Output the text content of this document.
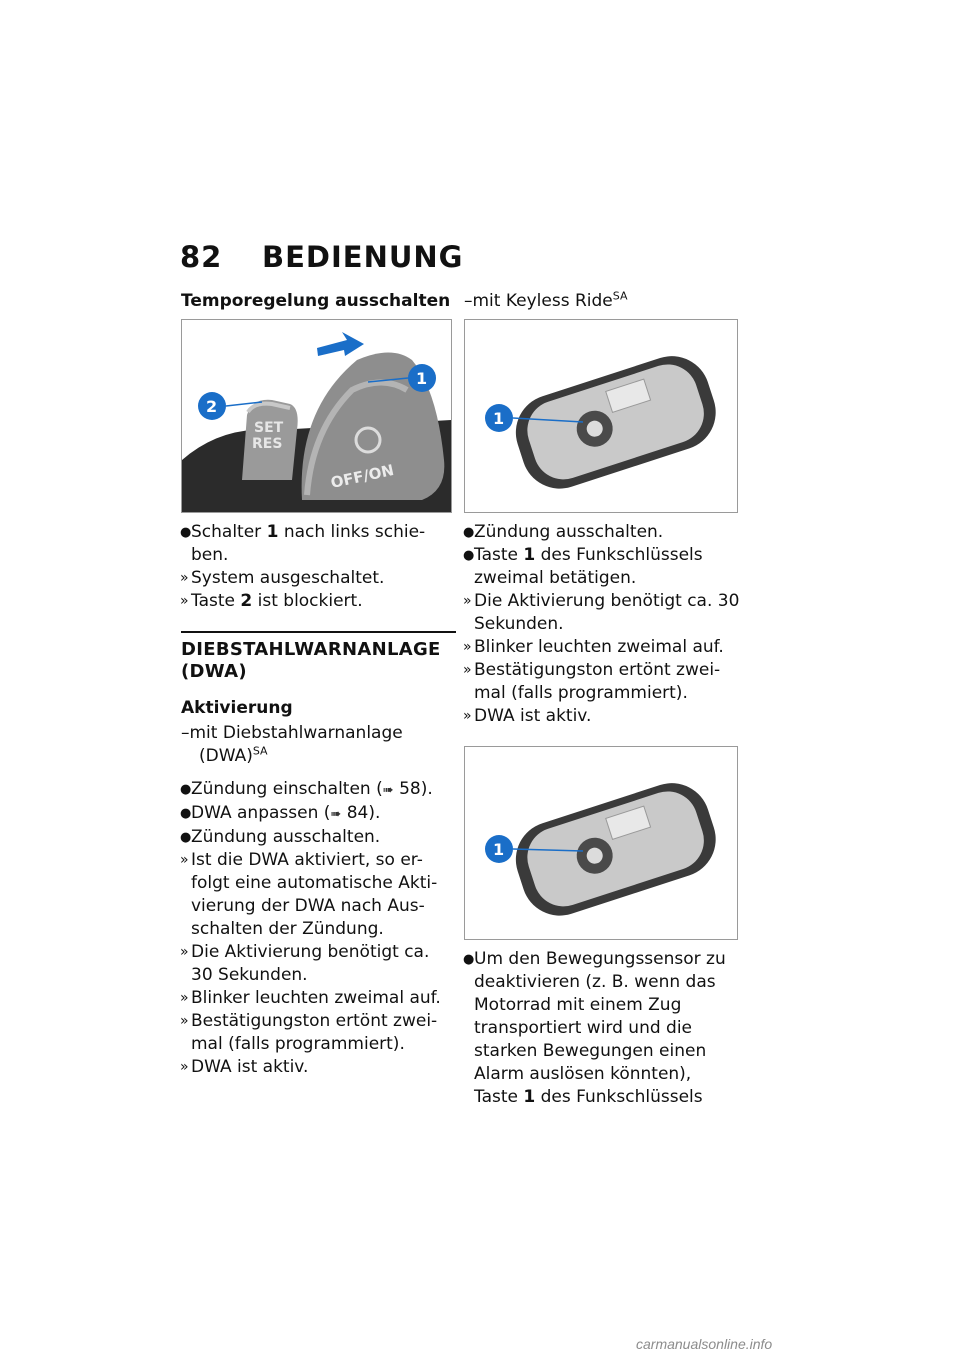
82 BEDIENUNG
Temporegelung ausschalten
SET
RES
OFF/ON
1
2
● Schalter 1 nach links schie- ben.
» System ausgeschaltet.
» Taste 2 ist blockiert.
DIEBSTAHLWARNANLAGE (DWA)
Aktivierung
–mit Diebstahlwarnanlage (DWA)$^{SA}$
● Zündung einschalten (➠ 58).
● DWA anpassen (➠ 84).
● Zündung ausschalten.
» Ist die DWA aktiviert, so er- folgt eine automatische Akti- vierung der DWA nach Aus- schalten der Zündung.
» Die Aktivierung benötigt ca. 30 Sekunden.
» Blinker leuchten zweimal auf.
» Bestätigungston ertönt zwei- mal (falls programmiert).
» DWA ist aktiv.
–mit Keyless Ride$^{SA}$
1
● Zündung ausschalten.
● Taste 1 des Funkschlüssels zweimal betätigen.
» Die Aktivierung benötigt ca. 30 Sekunden.
» Blinker leuchten zweimal auf.
» Bestätigungston ertönt zwei- mal (falls programmiert).
» DWA ist aktiv.
1
● Um den Bewegungssensor zu deaktivieren (z. B. wenn das Motorrad mit einem Zug transportiert wird und die starken Bewegungen einen Alarm auslösen könnten), Taste 1 des Funkschlüssels
carmanualsonline.info
